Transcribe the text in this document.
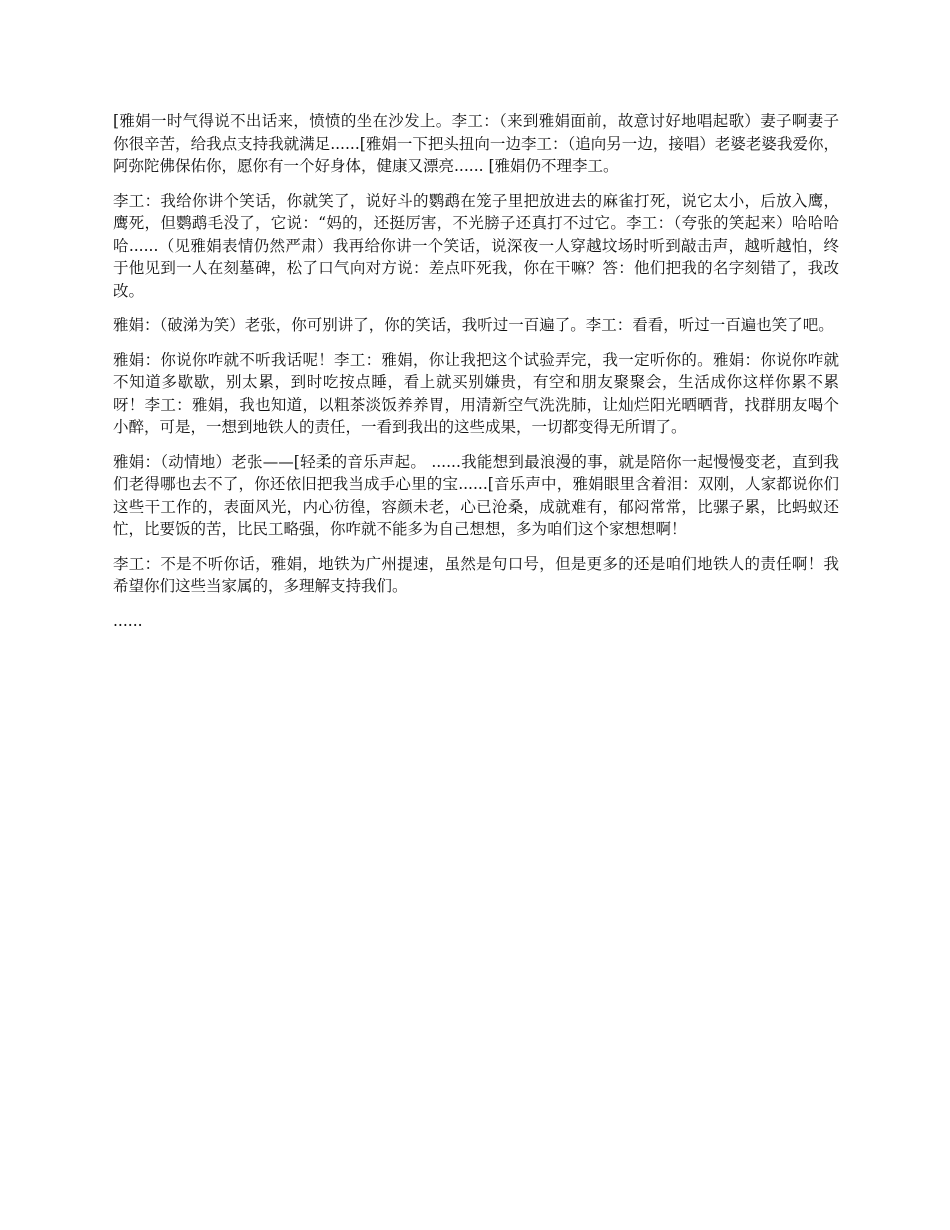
[雅娟一时气得说不出话来，愤愤的坐在沙发上。李工：（来到雅娟面前，故意讨好地唱起歌）妻子啊妻子你很辛苦，给我点支持我就满足......[雅娟一下把头扭向一边李工：（追向另一边，接唱）老婆老婆我爱你，阿弥陀佛保佑你，愿你有一个好身体，健康又漂亮...... [雅娟仍不理李工。

李工：我给你讲个笑话，你就笑了，说好斗的鹦鹉在笼子里把放进去的麻雀打死，说它太小，后放入鹰，鹰死，但鹦鹉毛没了，它说：“妈的，还挺厉害，不光膀子还真打不过它。李工：（夸张的笑起来）哈哈哈哈......（见雅娟表情仍然严肃）我再给你讲一个笑话，说深夜一人穿越坟场时听到敲击声，越听越怕，终于他见到一人在刻墓碑，松了口气向对方说：差点吓死我，你在干嘛？答：他们把我的名字刻错了，我改改。

雅娟：（破涕为笑）老张，你可别讲了，你的笑话，我听过一百遍了。李工：看看，听过一百遍也笑了吧。

雅娟：你说你咋就不听我话呢！李工：雅娟，你让我把这个试验弄完，我一定听你的。雅娟：你说你咋就不知道多歇歇，别太累，到时吃按点睡，看上就买别嫌贵，有空和朋友聚聚会，生活成你这样你累不累呀！李工：雅娟，我也知道，以粗茶淡饭养养胃，用清新空气洗洗肺，让灿烂阳光晒晒背，找群朋友喝个小醉，可是，一想到地铁人的责任，一看到我出的这些成果，一切都变得无所谓了。

雅娟：（动情地）老张——[轻柔的音乐声起。 ......我能想到最浪漫的事，就是陪你一起慢慢变老，直到我们老得哪也去不了，你还依旧把我当成手心里的宝......[音乐声中，雅娟眼里含着泪：双刚，人家都说你们这些干工作的，表面风光，内心彷徨，容颜未老，心已沧桑，成就难有，郁闷常常，比骡子累，比蚂蚁还忙，比要饭的苦，比民工略强，你咋就不能多为自己想想，多为咱们这个家想想啊！

李工：不是不听你话，雅娟，地铁为广州提速，虽然是句口号，但是更多的还是咱们地铁人的责任啊！我希望你们这些当家属的，多理解支持我们。

......
